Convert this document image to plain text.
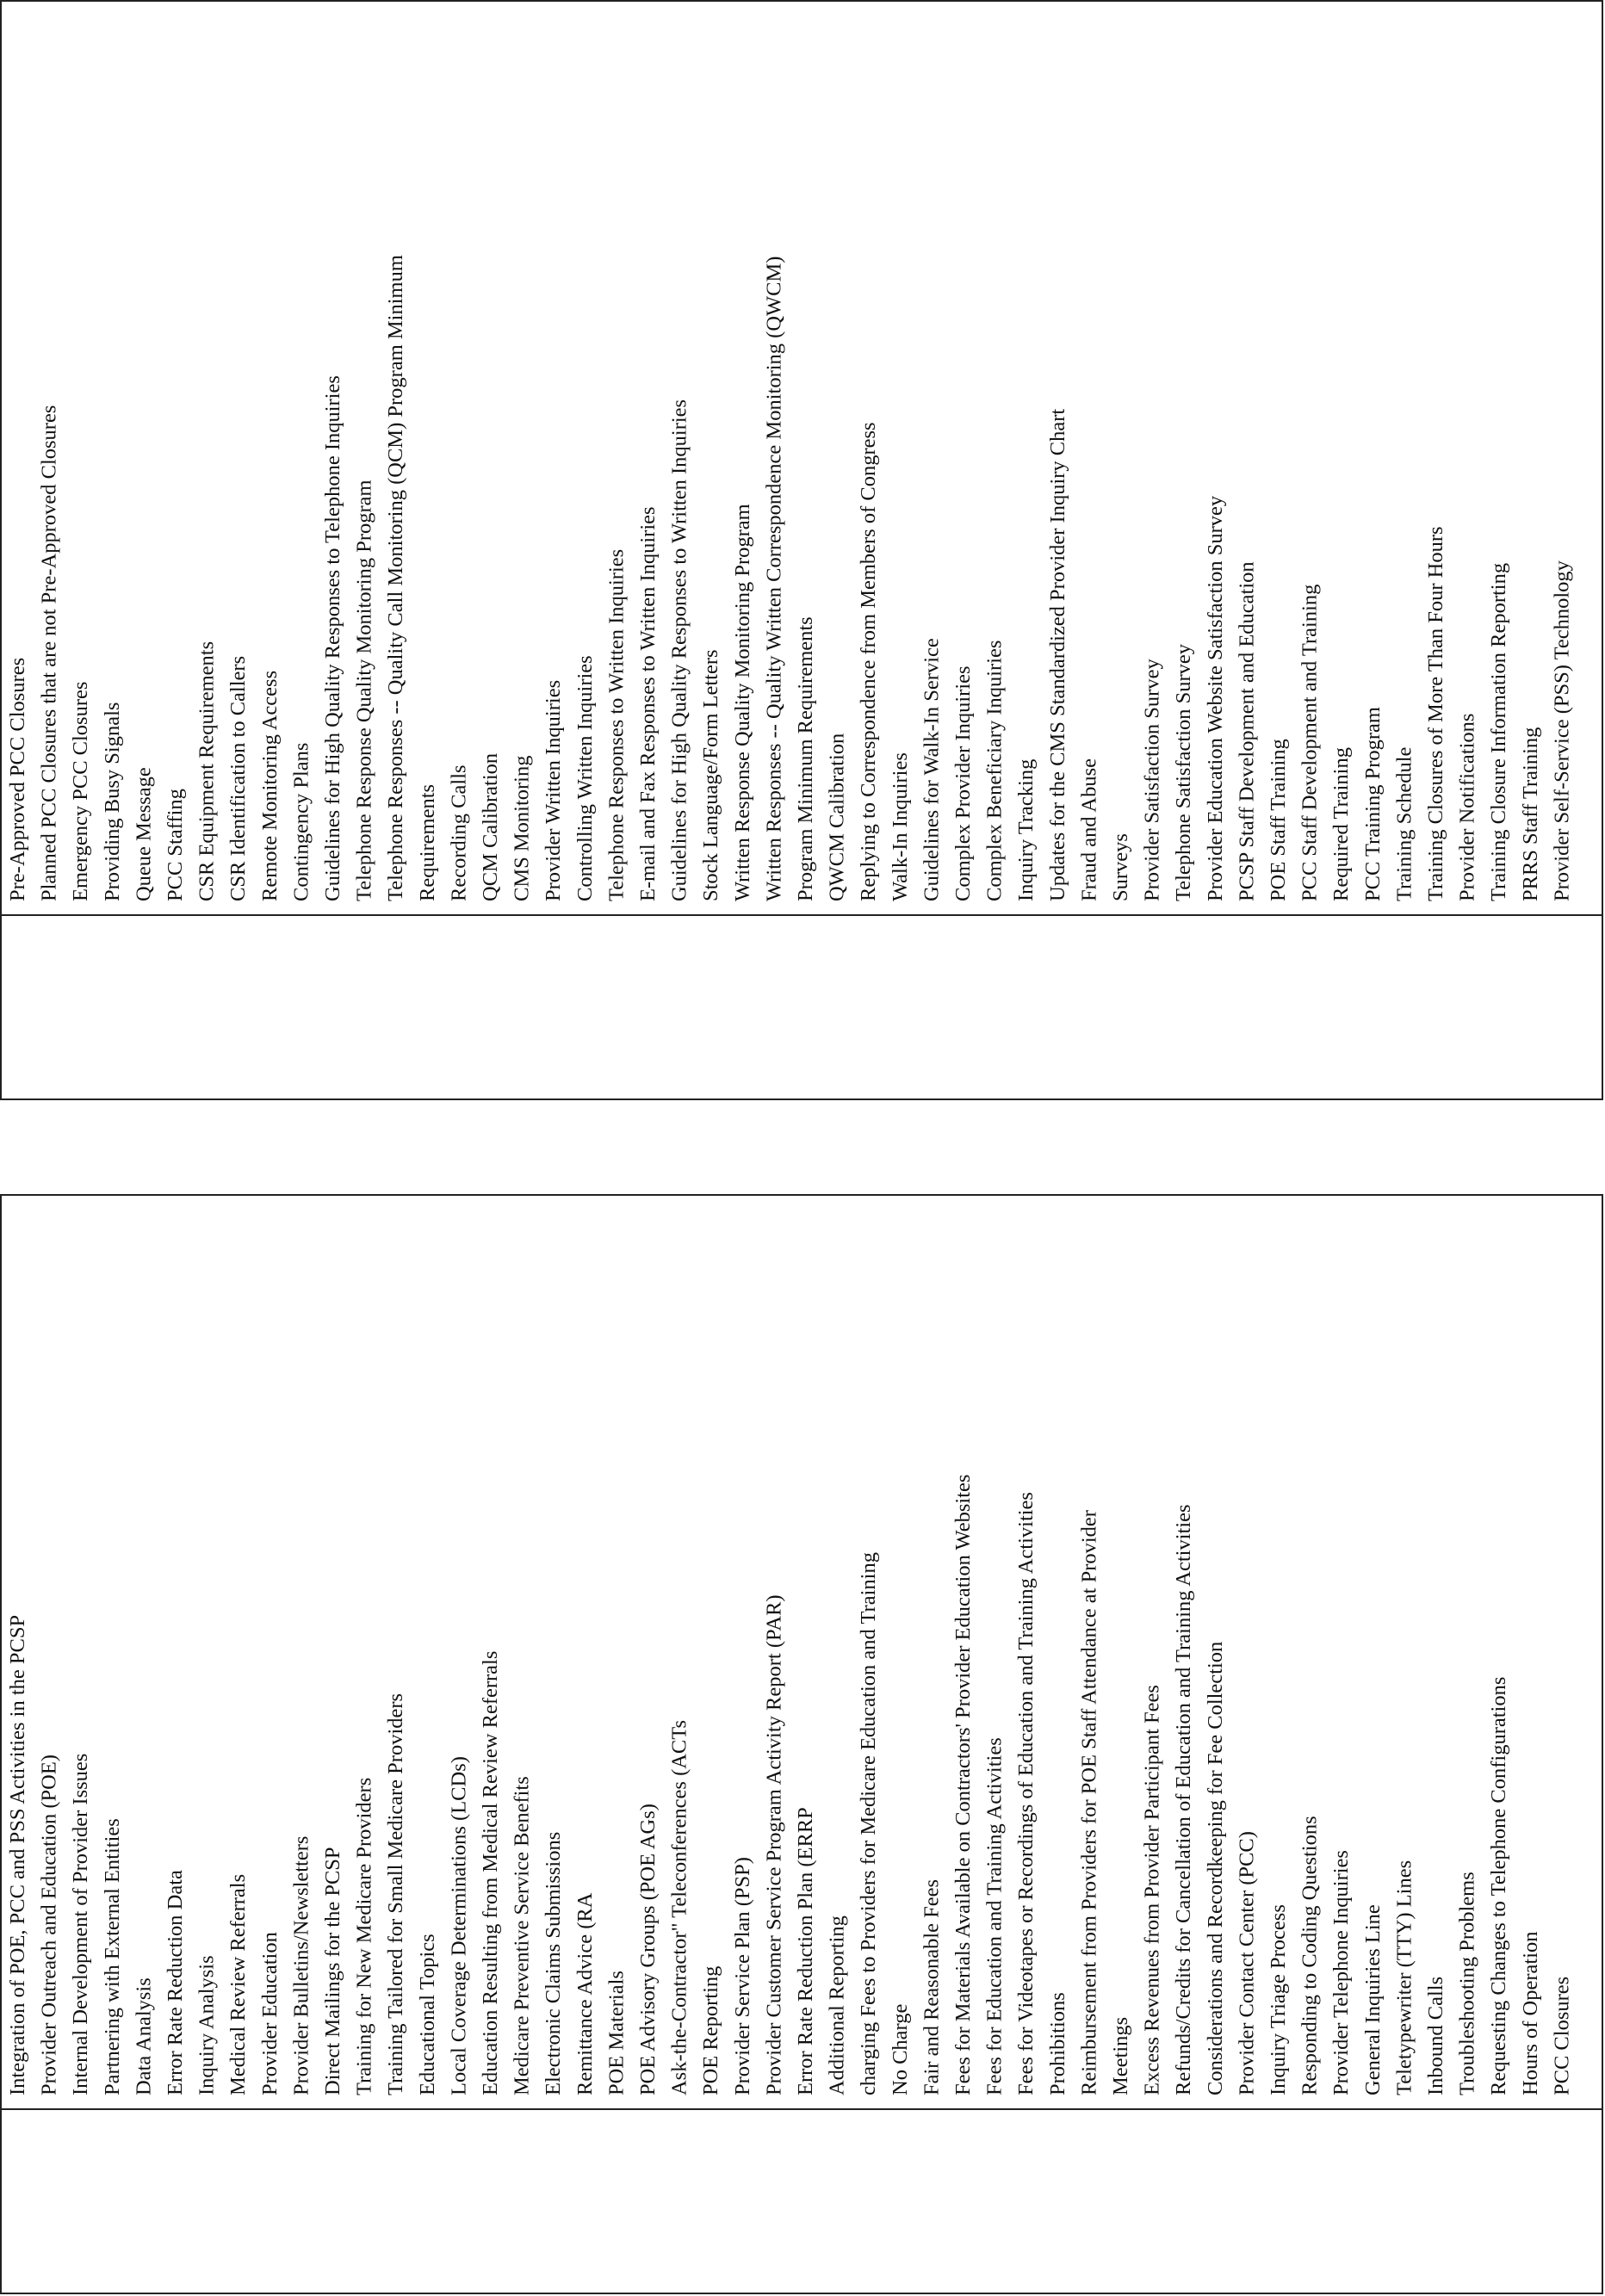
Integration of POE, PCC and PSS Activities in the PCSP Provider Outreach and Education (POE) Internal Development of Provider Issues Partnering with External Entities Data Analysis Error Rate Reduction Data Inquiry Analysis Medical Review Referrals Provider Education Provider Bulletins/Newsletters Direct Mailings for the PCSP Training for New Medicare Providers Training Tailored for Small Medicare Providers Educational Topics Local Coverage Determinations (LCDs) Education Resulting from Medical Review Referrals Medicare Preventive Service Benefits Electronic Claims Submissions Remittance Advice (RA POE Materials POE Advisory Groups (POE AGs) Ask-the-Contractor" Teleconferences (ACTs POE Reporting Provider Service Plan (PSP) Provider Customer Service Program Activity Report (PAR) Error Rate Reduction Plan (ERRP Additional Reporting charging Fees to Providers for Medicare Education and Training No Charge Fair and Reasonable Fees Fees for Materials Available on Contractors' Provider Education Websites Fees for Education and Training Activities Fees for Videotapes or Recordings of Education and Training Activities Prohibitions Reimbursement from Providers for POE Staff Attendance at Provider Meetings Excess Revenues from Provider Participant Fees Refunds/Credits for Cancellation of Education and Training Activities Considerations and Recordkeeping for Fee Collection Provider Contact Center (PCC) Inquiry Triage Process Responding to Coding Questions Provider Telephone Inquiries General Inquiries Line Teletypewriter (TTY) Lines Inbound Calls Troubleshooting Problems Requesting Changes to Telephone Configurations Hours of Operation PCC Closures
Pre-Approved PCC Closures Planned PCC Closures that are not Pre-Approved Closures Emergency PCC Closures Providing Busy Signals Queue Message PCC Staffing CSR Equipment Requirements CSR Identification to Callers Remote Monitoring Access Contingency Plans Guidelines for High Quality Responses to Telephone Inquiries Telephone Response Quality Monitoring Program Telephone Responses -- Quality Call Monitoring (QCM) Program Minimum Requirements Recording Calls QCM Calibration CMS Monitoring Provider Written Inquiries Controlling Written Inquiries Telephone Responses to Written Inquiries E-mail and Fax Responses to Written Inquiries Guidelines for High Quality Responses to Written Inquiries Stock Language/Form Letters Written Response Quality Monitoring Program Written Responses -- Quality Written Correspondence Monitoring (QWCM) Program Minimum Requirements QWCM Calibration Replying to Correspondence from Members of Congress Walk-In Inquiries Guidelines for Walk-In Service Complex Provider Inquiries Complex Beneficiary Inquiries Inquiry Tracking Updates for the CMS Standardized Provider Inquiry Chart Fraud and Abuse Surveys Provider Satisfaction Survey Telephone Satisfaction Survey Provider Education Website Satisfaction Survey PCSP Staff Development and Education POE Staff Training PCC Staff Development and Training Required Training PCC Training Program Training Schedule Training Closures of More Than Four Hours Provider Notifications Training Closure Information Reporting PRRS Staff Training Provider Self-Service (PSS) Technology
